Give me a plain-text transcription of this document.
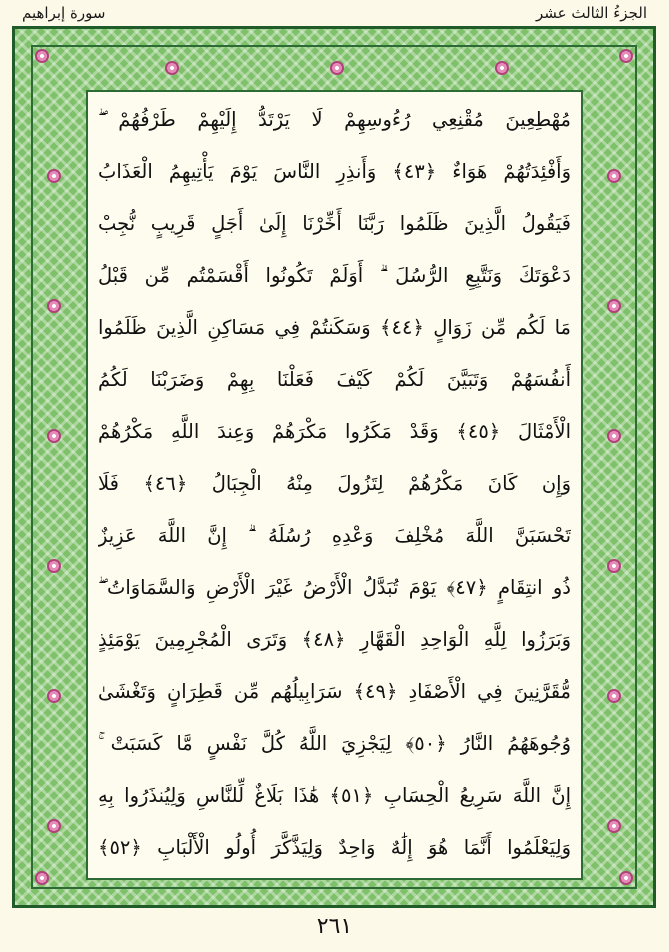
الجزءُ الثالث عشر
سورة إبراهيم
مُهْطِعِينَ مُقْنِعِي رُءُوسِهِمْ لَا يَرْتَدُّ إِلَيْهِمْ طَرْفُهُمْ ۖ
وَأَفْئِدَتُهُمْ هَوَاءٌ ﴿٤٣﴾ وَأَنذِرِ النَّاسَ يَوْمَ يَأْتِيهِمُ الْعَذَابُ
فَيَقُولُ الَّذِينَ ظَلَمُوا رَبَّنَا أَخِّرْنَا إِلَىٰ أَجَلٍ قَرِيبٍ نُّجِبْ
دَعْوَتَكَ وَنَتَّبِعِ الرُّسُلَ ۗ أَوَلَمْ تَكُونُوا أَقْسَمْتُم مِّن قَبْلُ
مَا لَكُم مِّن زَوَالٍ ﴿٤٤﴾ وَسَكَنتُمْ فِي مَسَاكِنِ الَّذِينَ ظَلَمُوا
أَنفُسَهُمْ وَتَبَيَّنَ لَكُمْ كَيْفَ فَعَلْنَا بِهِمْ وَضَرَبْنَا لَكُمُ
الْأَمْثَالَ ﴿٤٥﴾ وَقَدْ مَكَرُوا مَكْرَهُمْ وَعِندَ اللَّهِ مَكْرُهُمْ
وَإِن كَانَ مَكْرُهُمْ لِتَزُولَ مِنْهُ الْجِبَالُ ﴿٤٦﴾ فَلَا
تَحْسَبَنَّ اللَّهَ مُخْلِفَ وَعْدِهِ رُسُلَهُ ۗ إِنَّ اللَّهَ عَزِيزٌ
ذُو انتِقَامٍ ﴿٤٧﴾ يَوْمَ تُبَدَّلُ الْأَرْضُ غَيْرَ الْأَرْضِ وَالسَّمَاوَاتُ ۖ
وَبَرَزُوا لِلَّهِ الْوَاحِدِ الْقَهَّارِ ﴿٤٨﴾ وَتَرَى الْمُجْرِمِينَ يَوْمَئِذٍ
مُّقَرَّنِينَ فِي الْأَصْفَادِ ﴿٤٩﴾ سَرَابِيلُهُم مِّن قَطِرَانٍ وَتَغْشَىٰ
وُجُوهَهُمُ النَّارُ ﴿٥٠﴾ لِيَجْزِيَ اللَّهُ كُلَّ نَفْسٍ مَّا كَسَبَتْ ۚ
إِنَّ اللَّهَ سَرِيعُ الْحِسَابِ ﴿٥١﴾ هَٰذَا بَلَاغٌ لِّلنَّاسِ وَلِيُنذَرُوا بِهِ
وَلِيَعْلَمُوا أَنَّمَا هُوَ إِلَٰهٌ وَاحِدٌ وَلِيَذَّكَّرَ أُولُو الْأَلْبَابِ ﴿٥٢﴾
٢٦١
